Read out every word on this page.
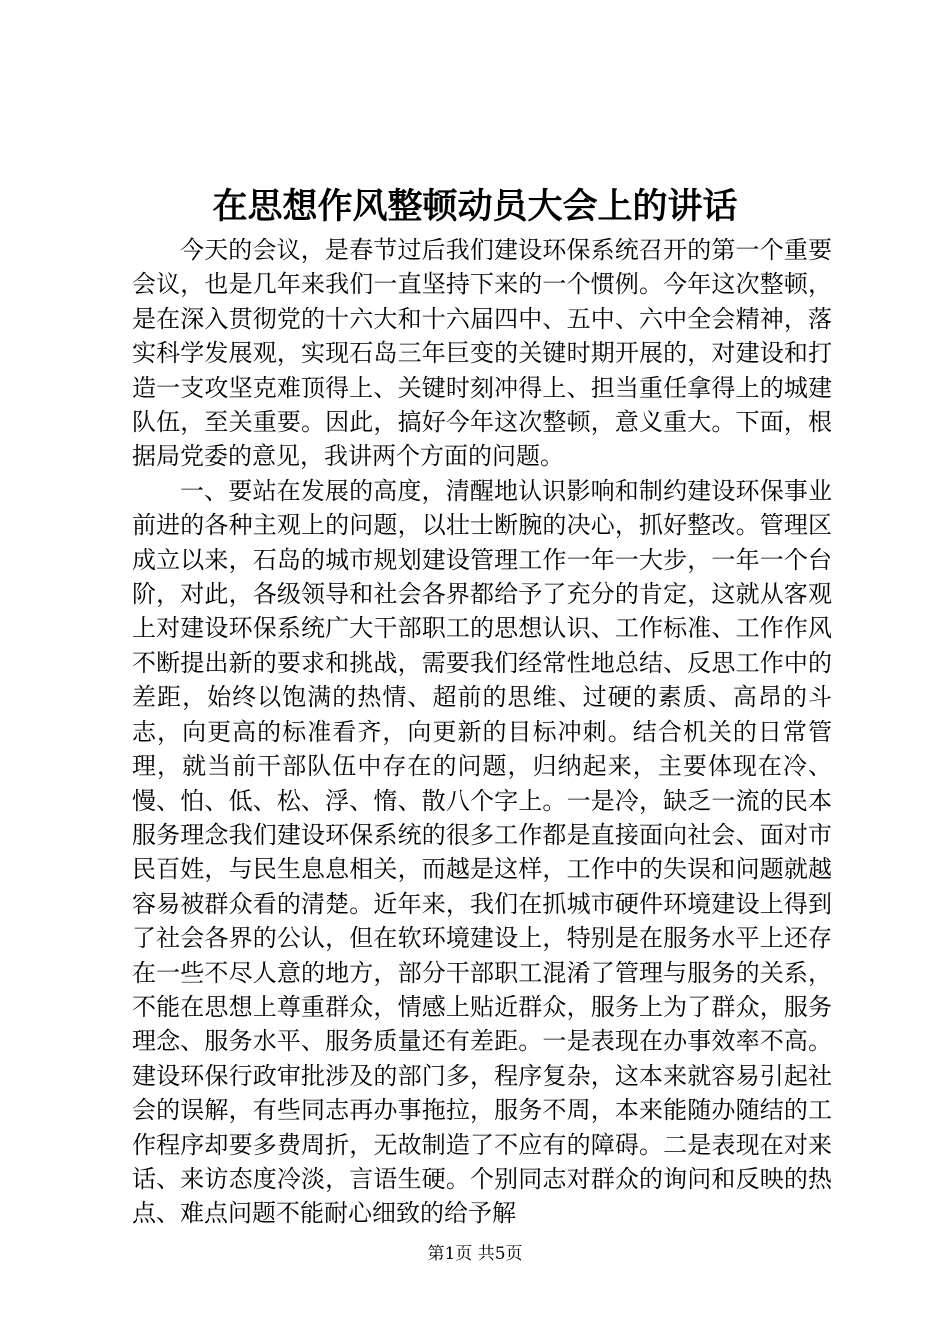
在思想作风整顿动员大会上的讲话

今天的会议，是春节过后我们建设环保系统召开的第一个重要会议，也是几年来我们一直坚持下来的一个惯例。今年这次整顿，是在深入贯彻党的十六大和十六届四中、五中、六中全会精神，落实科学发展观，实现石岛三年巨变的关键时期开展的，对建设和打造一支攻坚克难顶得上、关键时刻冲得上、担当重任拿得上的城建队伍，至关重要。因此，搞好今年这次整顿，意义重大。下面，根据局党委的意见，我讲两个方面的问题。

一、要站在发展的高度，清醒地认识影响和制约建设环保事业前进的各种主观上的问题，以壮士断腕的决心，抓好整改。管理区成立以来，石岛的城市规划建设管理工作一年一大步，一年一个台阶，对此，各级领导和社会各界都给予了充分的肯定，这就从客观上对建设环保系统广大干部职工的思想认识、工作标准、工作作风不断提出新的要求和挑战，需要我们经常性地总结、反思工作中的差距，始终以饱满的热情、超前的思维、过硬的素质、高昂的斗志，向更高的标准看齐，向更新的目标冲刺。结合机关的日常管理，就当前干部队伍中存在的问题，归纳起来，主要体现在冷、慢、怕、低、松、浮、惰、散八个字上。一是冷，缺乏一流的民本服务理念我们建设环保系统的很多工作都是直接面向社会、面对市民百姓，与民生息息相关，而越是这样，工作中的失误和问题就越容易被群众看的清楚。近年来，我们在抓城市硬件环境建设上得到了社会各界的公认，但在软环境建设上，特别是在服务水平上还存在一些不尽人意的地方，部分干部职工混淆了管理与服务的关系，不能在思想上尊重群众，情感上贴近群众，服务上为了群众，服务理念、服务水平、服务质量还有差距。一是表现在办事效率不高。建设环保行政审批涉及的部门多，程序复杂，这本来就容易引起社会的误解，有些同志再办事拖拉，服务不周，本来能随办随结的工作程序却要多费周折，无故制造了不应有的障碍。二是表现在对来话、来访态度冷淡，言语生硬。个别同志对群众的询问和反映的热点、难点问题不能耐心细致的给予解

第1页 共5页
